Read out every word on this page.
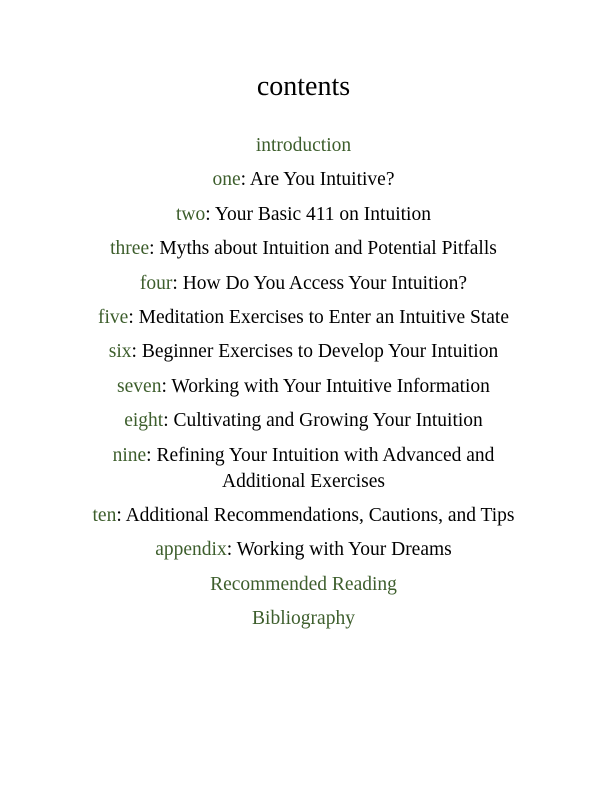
contents
introduction
one: Are You Intuitive?
two: Your Basic 411 on Intuition
three: Myths about Intuition and Potential Pitfalls
four: How Do You Access Your Intuition?
five: Meditation Exercises to Enter an Intuitive State
six: Beginner Exercises to Develop Your Intuition
seven: Working with Your Intuitive Information
eight: Cultivating and Growing Your Intuition
nine: Refining Your Intuition with Advanced and Additional Exercises
ten: Additional Recommendations, Cautions, and Tips
appendix: Working with Your Dreams
Recommended Reading
Bibliography
